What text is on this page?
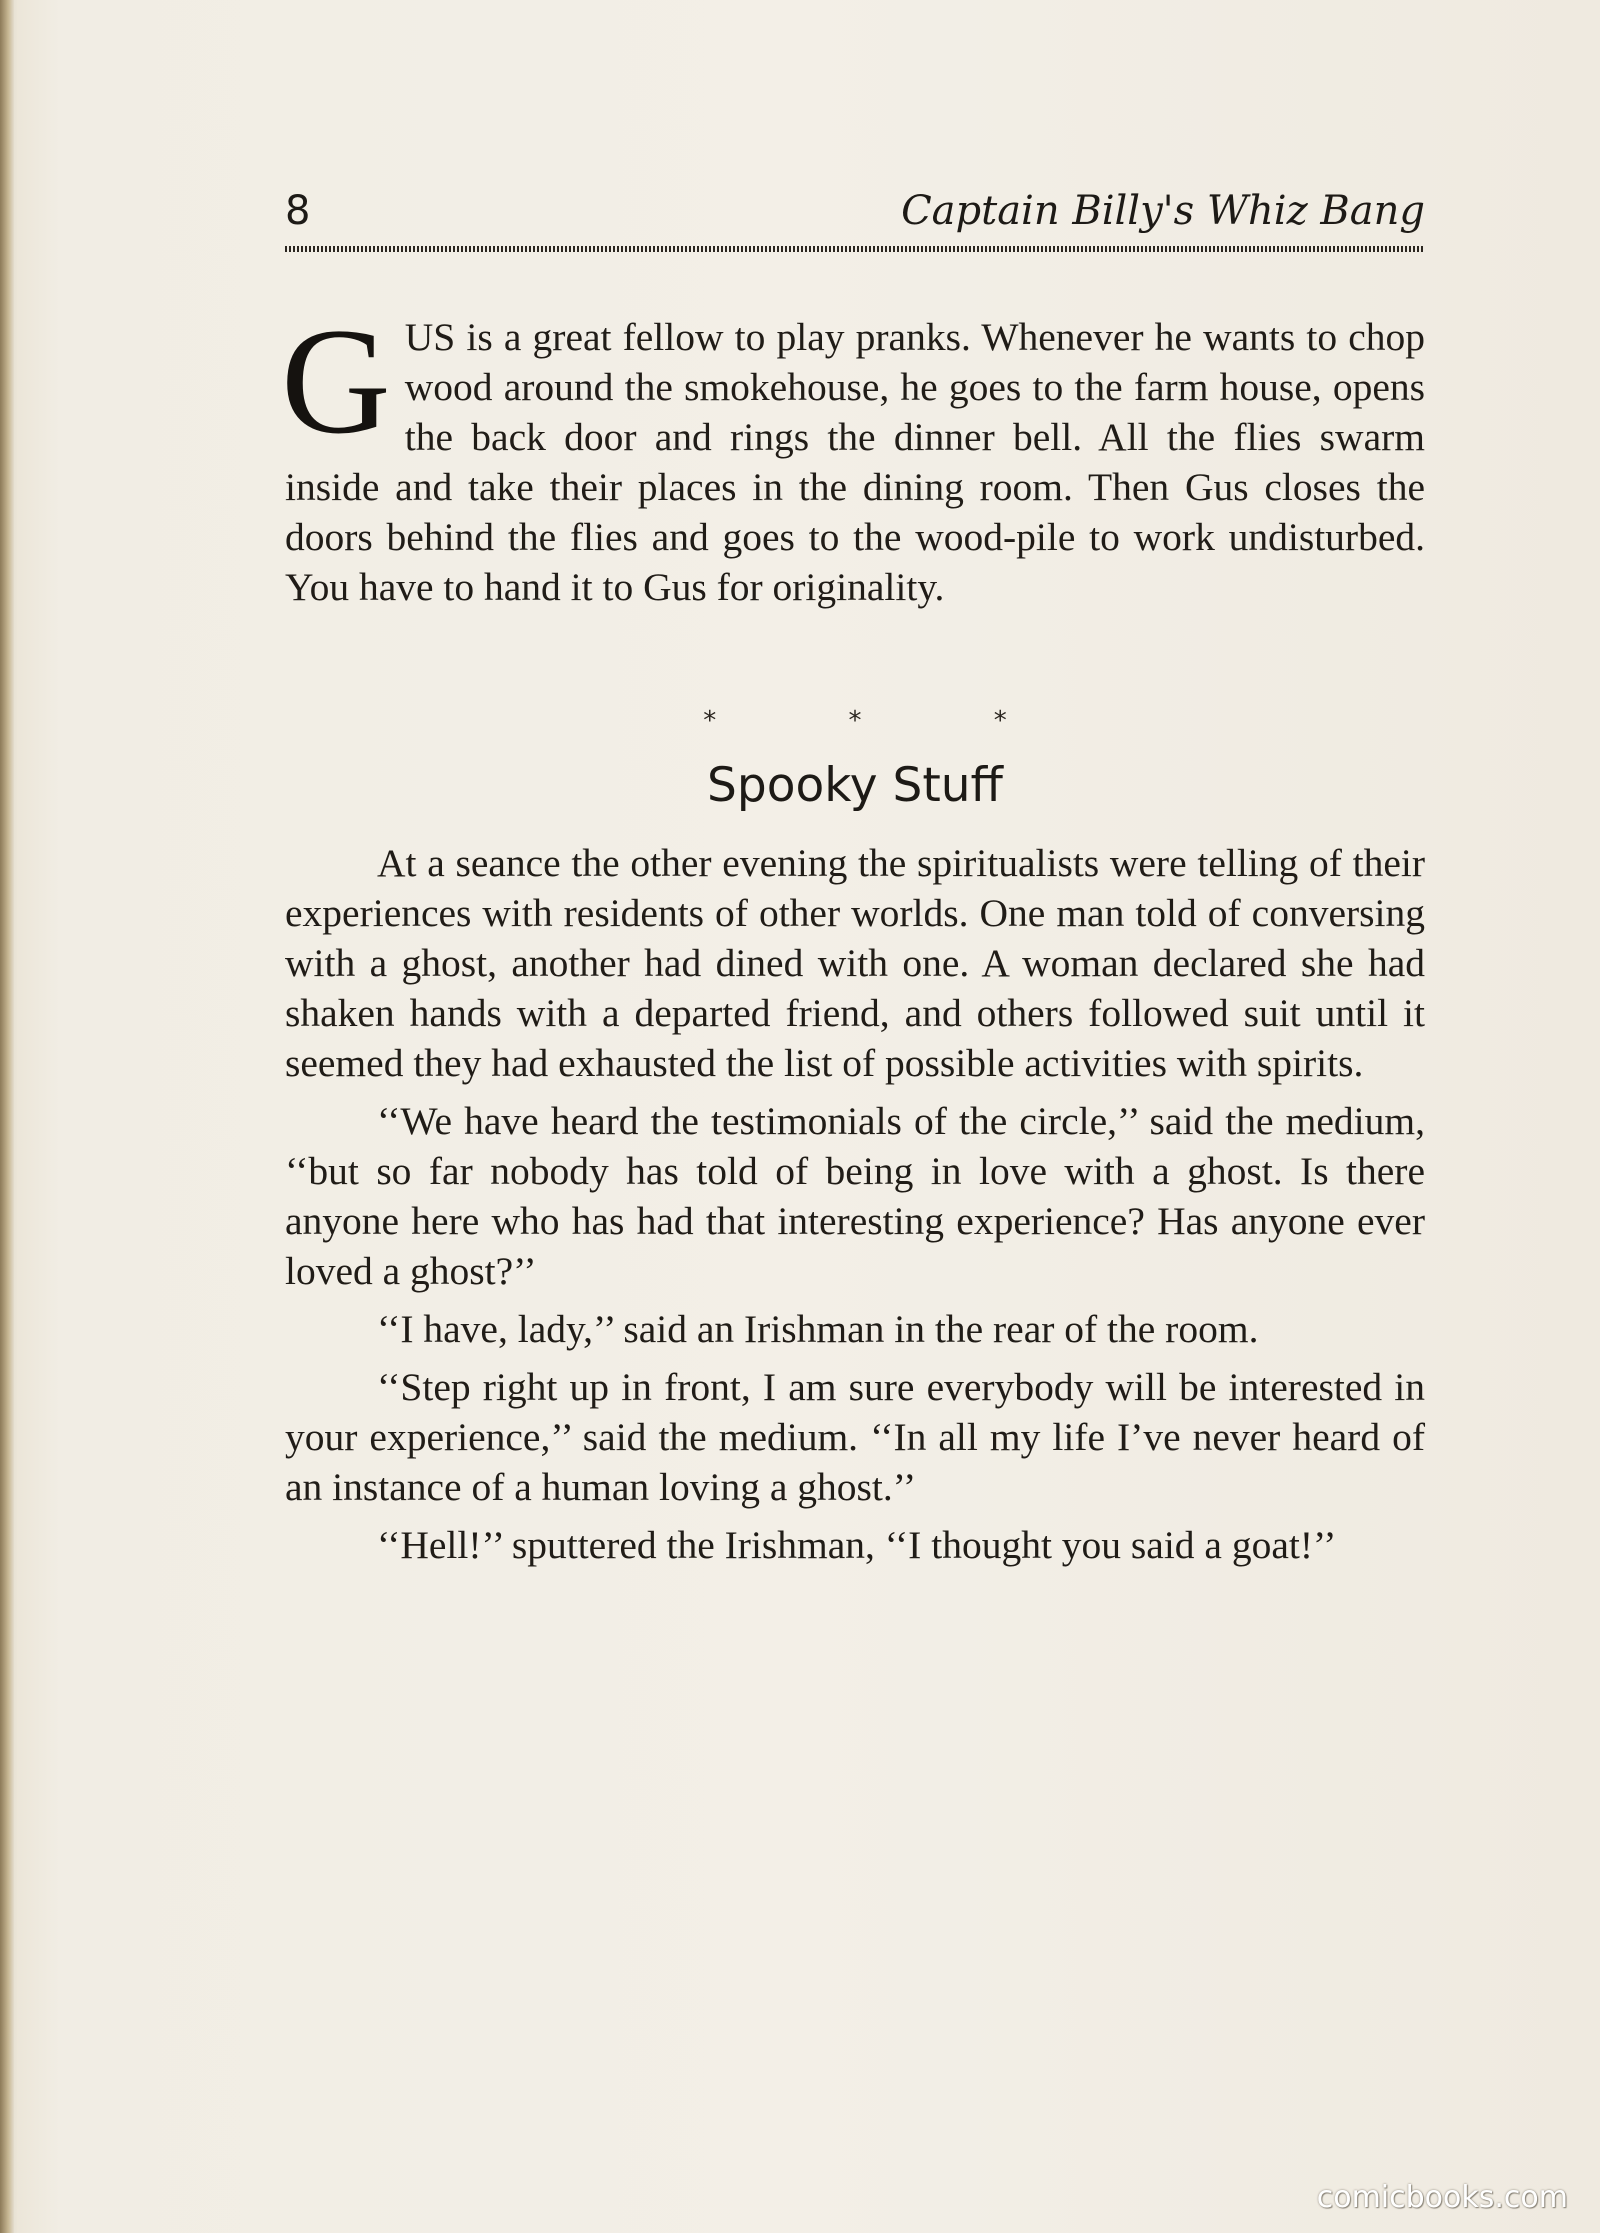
8	Captain Billy's Whiz Bang
GUS is a great fellow to play pranks. Whenever he wants to chop wood around the smokehouse, he goes to the farm house, opens the back door and rings the dinner bell. All the flies swarm inside and take their places in the dining room. Then Gus closes the doors behind the flies and goes to the wood-pile to work undisturbed. You have to hand it to Gus for originality.
* * *
Spooky Stuff

At a seance the other evening the spiritualists were telling of their experiences with residents of other worlds. One man told of conversing with a ghost, another had dined with one. A woman declared she had shaken hands with a departed friend, and others followed suit until it seemed they had exhausted the list of possible activities with spirits.

‘‘We have heard the testimonials of the circle,’’ said the medium, ‘‘but so far nobody has told of being in love with a ghost. Is there anyone here who has had that interesting experience? Has anyone ever loved a ghost?’’

‘‘I have, lady,’’ said an Irishman in the rear of the room.

‘‘Step right up in front, I am sure everybody will be interested in your experience,’’ said the medium. ‘‘In all my life I’ve never heard of an instance of a human loving a ghost.’’

‘‘Hell!’’ sputtered the Irishman, ‘‘I thought you said a goat!’’

comicbooks.com
